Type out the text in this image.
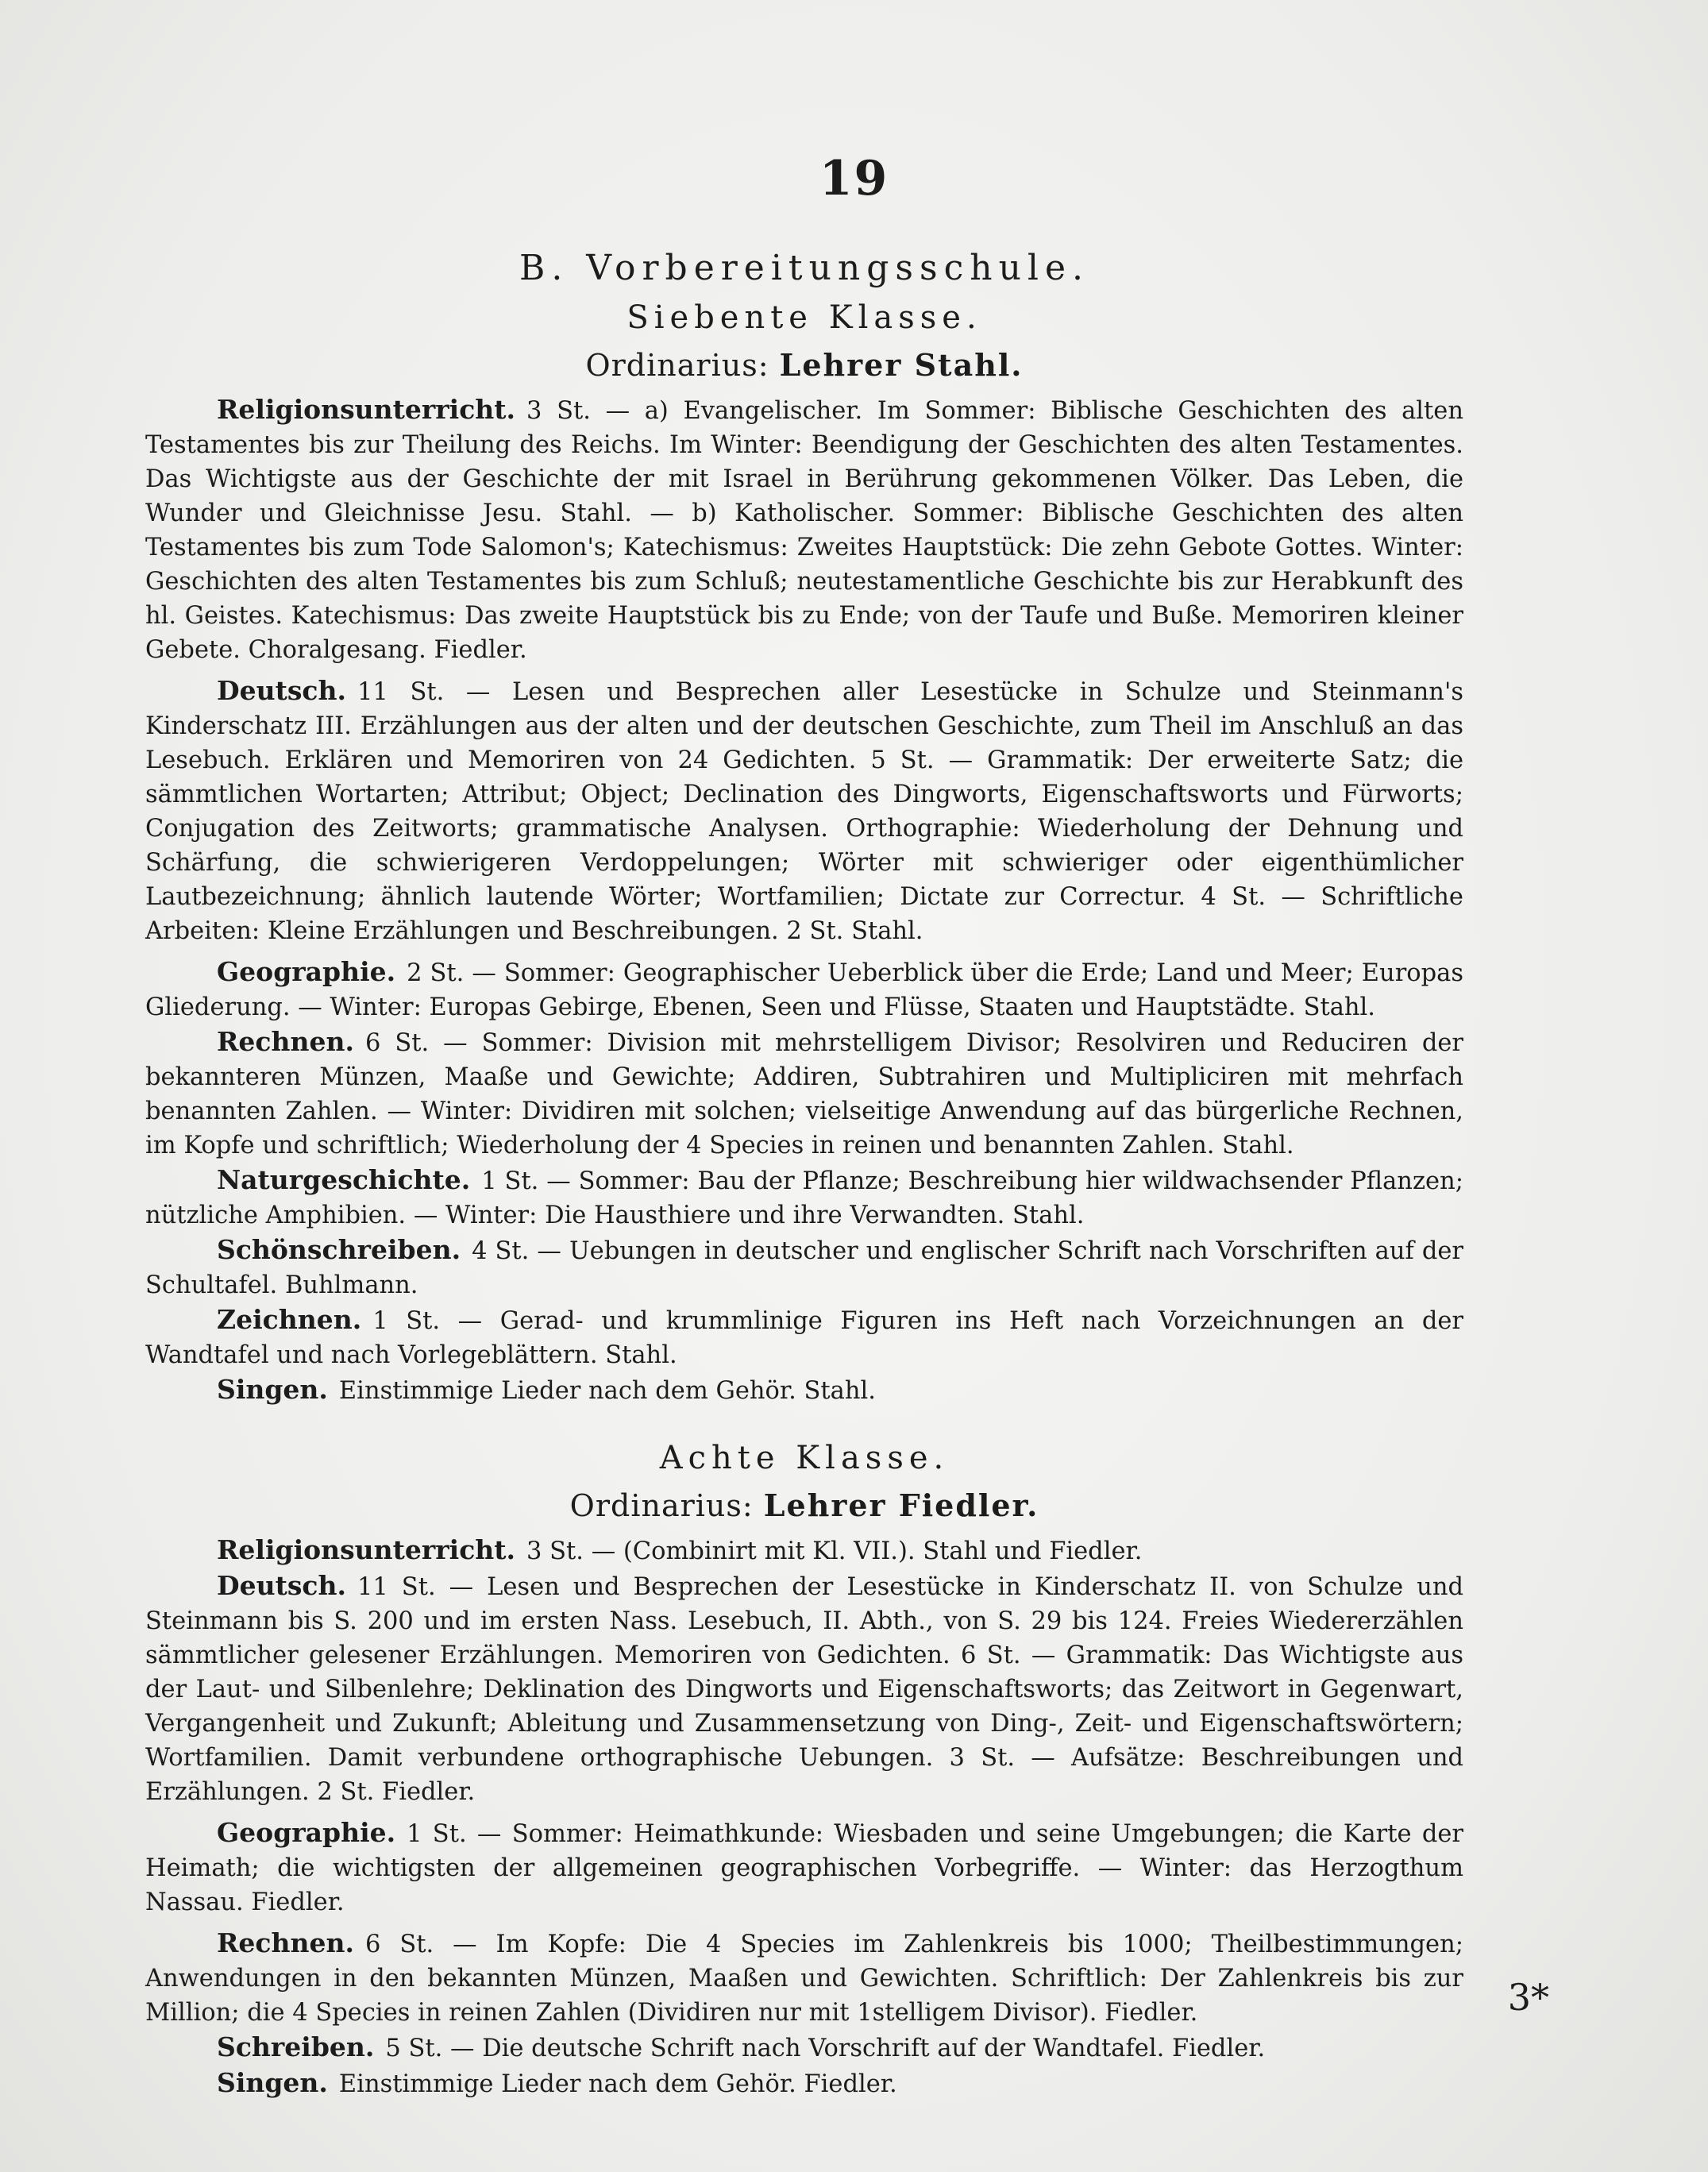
19
B. Vorbereitungsschule.
Siebente Klasse.
Ordinarius: Lehrer Stahl.

Religionsunterricht. 3 St. — a) Evangelischer. Im Sommer: Biblische Geschichten des alten Testamentes bis zur Theilung des Reichs. Im Winter: Beendigung der Geschichten des alten Testamentes. Das Wichtigste aus der Geschichte der mit Israel in Berührung gekommenen Völker. Das Leben, die Wunder und Gleichnisse Jesu. Stahl. — b) Katholischer. Sommer: Biblische Geschichten des alten Testamentes bis zum Tode Salomon's; Katechismus: Zweites Hauptstück: Die zehn Gebote Gottes. Winter: Geschichten des alten Testamentes bis zum Schluß; neutestamentliche Geschichte bis zur Herabkunft des hl. Geistes. Katechismus: Das zweite Hauptstück bis zu Ende; von der Taufe und Buße. Memoriren kleiner Gebete. Choralgesang. Fiedler.

Deutsch. 11 St. — Lesen und Besprechen aller Lesestücke in Schulze und Steinmann's Kinderschatz III. Erzählungen aus der alten und der deutschen Geschichte, zum Theil im Anschluß an das Lesebuch. Erklären und Memoriren von 24 Gedichten. 5 St. — Grammatik: Der erweiterte Satz; die sämmtlichen Wortarten; Attribut; Object; Declination des Dingworts, Eigenschaftsworts und Fürworts; Conjugation des Zeitworts; grammatische Analysen. Orthographie: Wiederholung der Dehnung und Schärfung, die schwierigeren Verdoppelungen; Wörter mit schwieriger oder eigenthümlicher Lautbezeichnung; ähnlich lautende Wörter; Wortfamilien; Dictate zur Correctur. 4 St. — Schriftliche Arbeiten: Kleine Erzählungen und Beschreibungen. 2 St. Stahl.

Geographie. 2 St. — Sommer: Geographischer Ueberblick über die Erde; Land und Meer; Europas Gliederung. — Winter: Europas Gebirge, Ebenen, Seen und Flüsse, Staaten und Hauptstädte. Stahl.

Rechnen. 6 St. — Sommer: Division mit mehrstelligem Divisor; Resolviren und Reduciren der bekannteren Münzen, Maaße und Gewichte; Addiren, Subtrahiren und Multipliciren mit mehrfach benannten Zahlen. — Winter: Dividiren mit solchen; vielseitige Anwendung auf das bürgerliche Rechnen, im Kopfe und schriftlich; Wiederholung der 4 Species in reinen und benannten Zahlen. Stahl.

Naturgeschichte. 1 St. — Sommer: Bau der Pflanze; Beschreibung hier wildwachsender Pflanzen; nützliche Amphibien. — Winter: Die Hausthiere und ihre Verwandten. Stahl.

Schönschreiben. 4 St. — Uebungen in deutscher und englischer Schrift nach Vorschriften auf der Schultafel. Buhlmann.

Zeichnen. 1 St. — Gerad- und krummlinige Figuren ins Heft nach Vorzeichnungen an der Wandtafel und nach Vorlegeblättern. Stahl.

Singen. Einstimmige Lieder nach dem Gehör. Stahl.

Achte Klasse.
Ordinarius: Lehrer Fiedler.

Religionsunterricht. 3 St. — (Combinirt mit Kl. VII.). Stahl und Fiedler.

Deutsch. 11 St. — Lesen und Besprechen der Lesestücke in Kinderschatz II. von Schulze und Steinmann bis S. 200 und im ersten Nass. Lesebuch, II. Abth., von S. 29 bis 124. Freies Wiedererzählen sämmtlicher gelesener Erzählungen. Memoriren von Gedichten. 6 St. — Grammatik: Das Wichtigste aus der Laut- und Silbenlehre; Deklination des Dingworts und Eigenschaftsworts; das Zeitwort in Gegenwart, Vergangenheit und Zukunft; Ableitung und Zusammensetzung von Ding-, Zeit- und Eigenschaftswörtern; Wortfamilien. Damit verbundene orthographische Uebungen. 3 St. — Aufsätze: Beschreibungen und Erzählungen. 2 St. Fiedler.

Geographie. 1 St. — Sommer: Heimathkunde: Wiesbaden und seine Umgebungen; die Karte der Heimath; die wichtigsten der allgemeinen geographischen Vorbegriffe. — Winter: das Herzogthum Nassau. Fiedler.

Rechnen. 6 St. — Im Kopfe: Die 4 Species im Zahlenkreis bis 1000; Theilbestimmungen; Anwendungen in den bekannten Münzen, Maaßen und Gewichten. Schriftlich: Der Zahlenkreis bis zur Million; die 4 Species in reinen Zahlen (Dividiren nur mit 1stelligem Divisor). Fiedler.

Schreiben. 5 St. — Die deutsche Schrift nach Vorschrift auf der Wandtafel. Fiedler.

Singen. Einstimmige Lieder nach dem Gehör. Fiedler.

3*
